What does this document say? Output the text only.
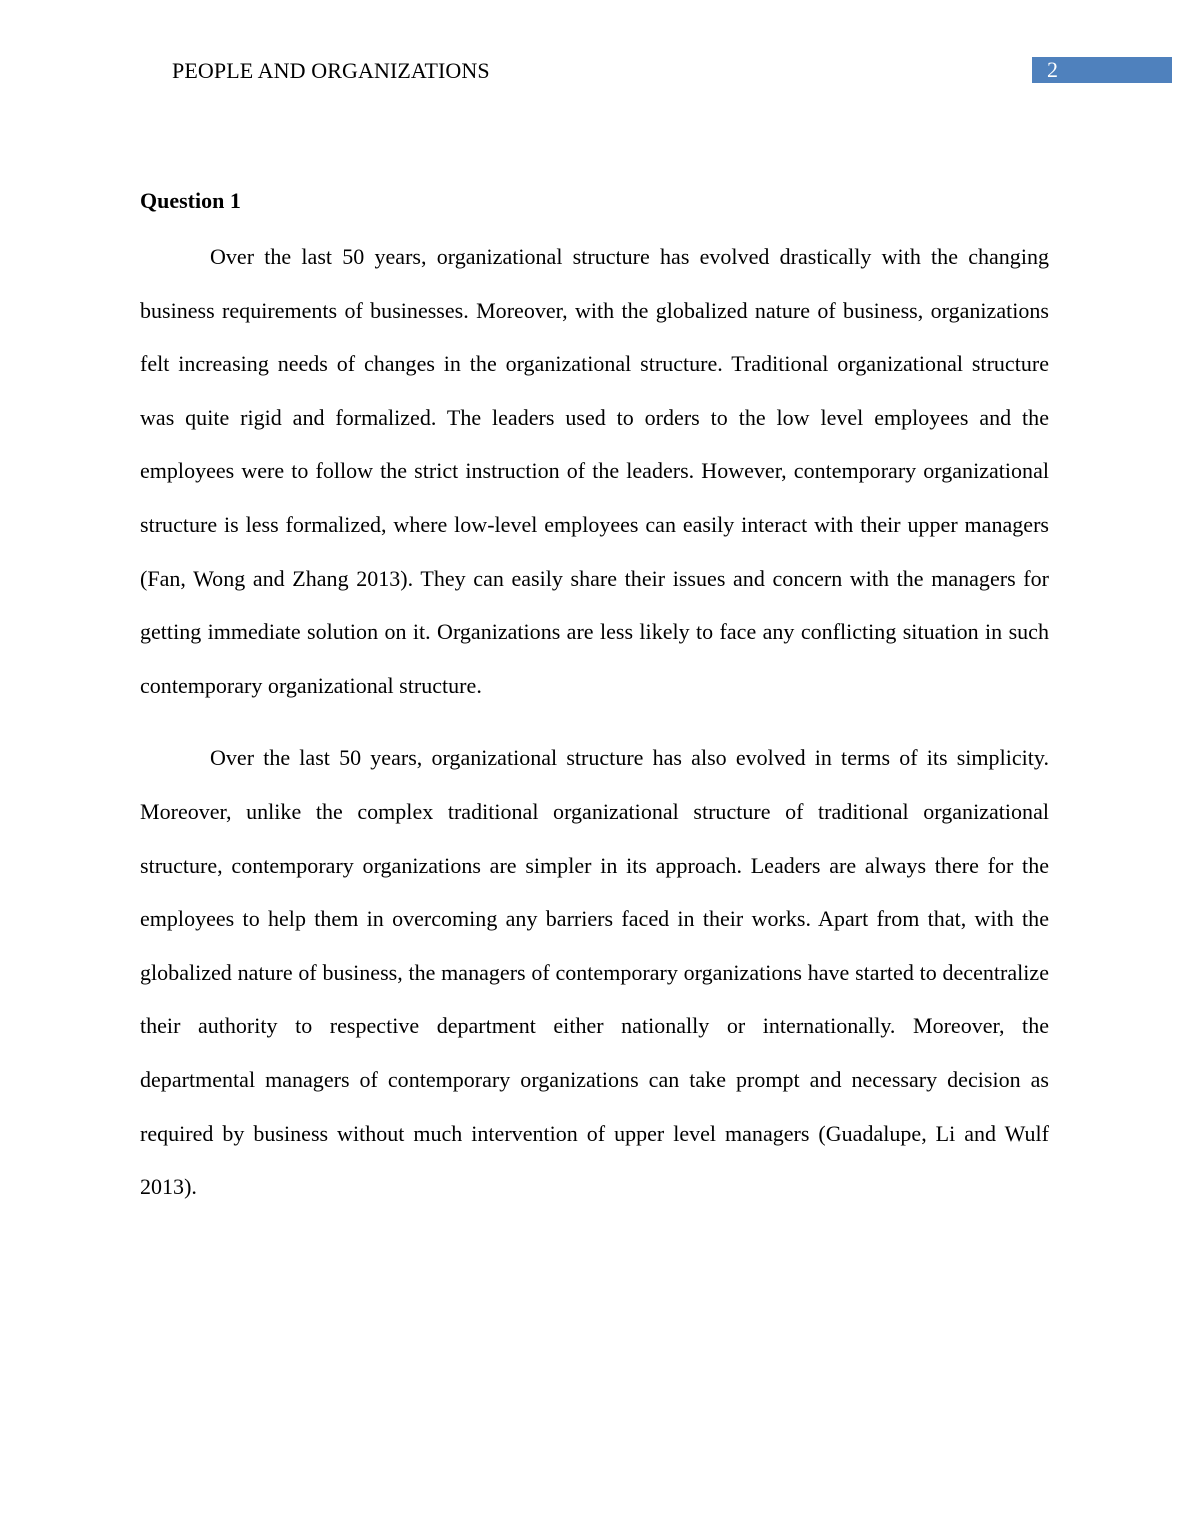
PEOPLE AND ORGANIZATIONS	2
Question 1

Over the last 50 years, organizational structure has evolved drastically with the changing business requirements of businesses. Moreover, with the globalized nature of business, organizations felt increasing needs of changes in the organizational structure. Traditional organizational structure was quite rigid and formalized. The leaders used to orders to the low level employees and the employees were to follow the strict instruction of the leaders. However, contemporary organizational structure is less formalized, where low-level employees can easily interact with their upper managers (Fan, Wong and Zhang 2013). They can easily share their issues and concern with the managers for getting immediate solution on it. Organizations are less likely to face any conflicting situation in such contemporary organizational structure.

Over the last 50 years, organizational structure has also evolved in terms of its simplicity. Moreover, unlike the complex traditional organizational structure of traditional organizational structure, contemporary organizations are simpler in its approach. Leaders are always there for the employees to help them in overcoming any barriers faced in their works. Apart from that, with the globalized nature of business, the managers of contemporary organizations have started to decentralize their authority to respective department either nationally or internationally. Moreover, the departmental managers of contemporary organizations can take prompt and necessary decision as required by business without much intervention of upper level managers (Guadalupe, Li and Wulf 2013).
